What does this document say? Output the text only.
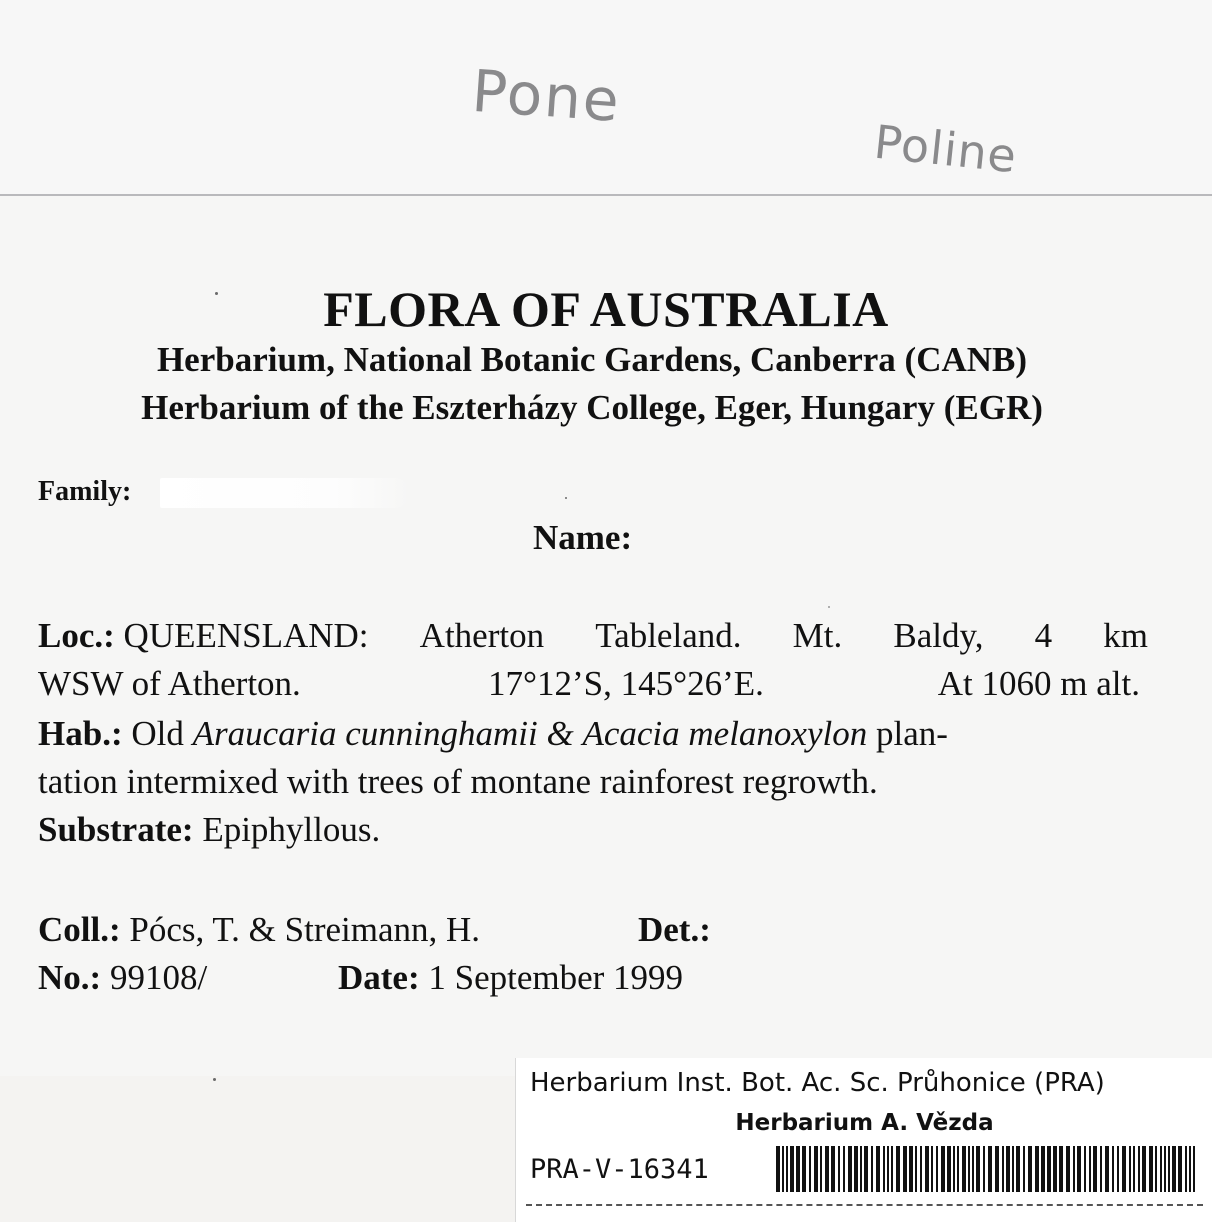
Pone
Poline
FLORA OF AUSTRALIA
Herbarium, National Botanic Gardens, Canberra (CANB)
Herbarium of the Eszterházy College, Eger, Hungary (EGR)
Family:
Name:
Loc.: QUEENSLAND: Atherton Tableland. Mt. Baldy, 4 km
WSW of Atherton.	17°12’S, 145°26’E.	At 1060 m alt.
Hab.: Old Araucaria cunninghamii & Acacia melanoxylon plan-
tation intermixed with trees of montane rainforest regrowth.
Substrate: Epiphyllous.
Coll.: Pócs, T. & Streimann, H.	Det.:
No.: 99108/	Date: 1 September 1999
Herbarium Inst. Bot. Ac. Sc. Průhonice (PRA)
Herbarium A. Vězda
PRA-V-16341
